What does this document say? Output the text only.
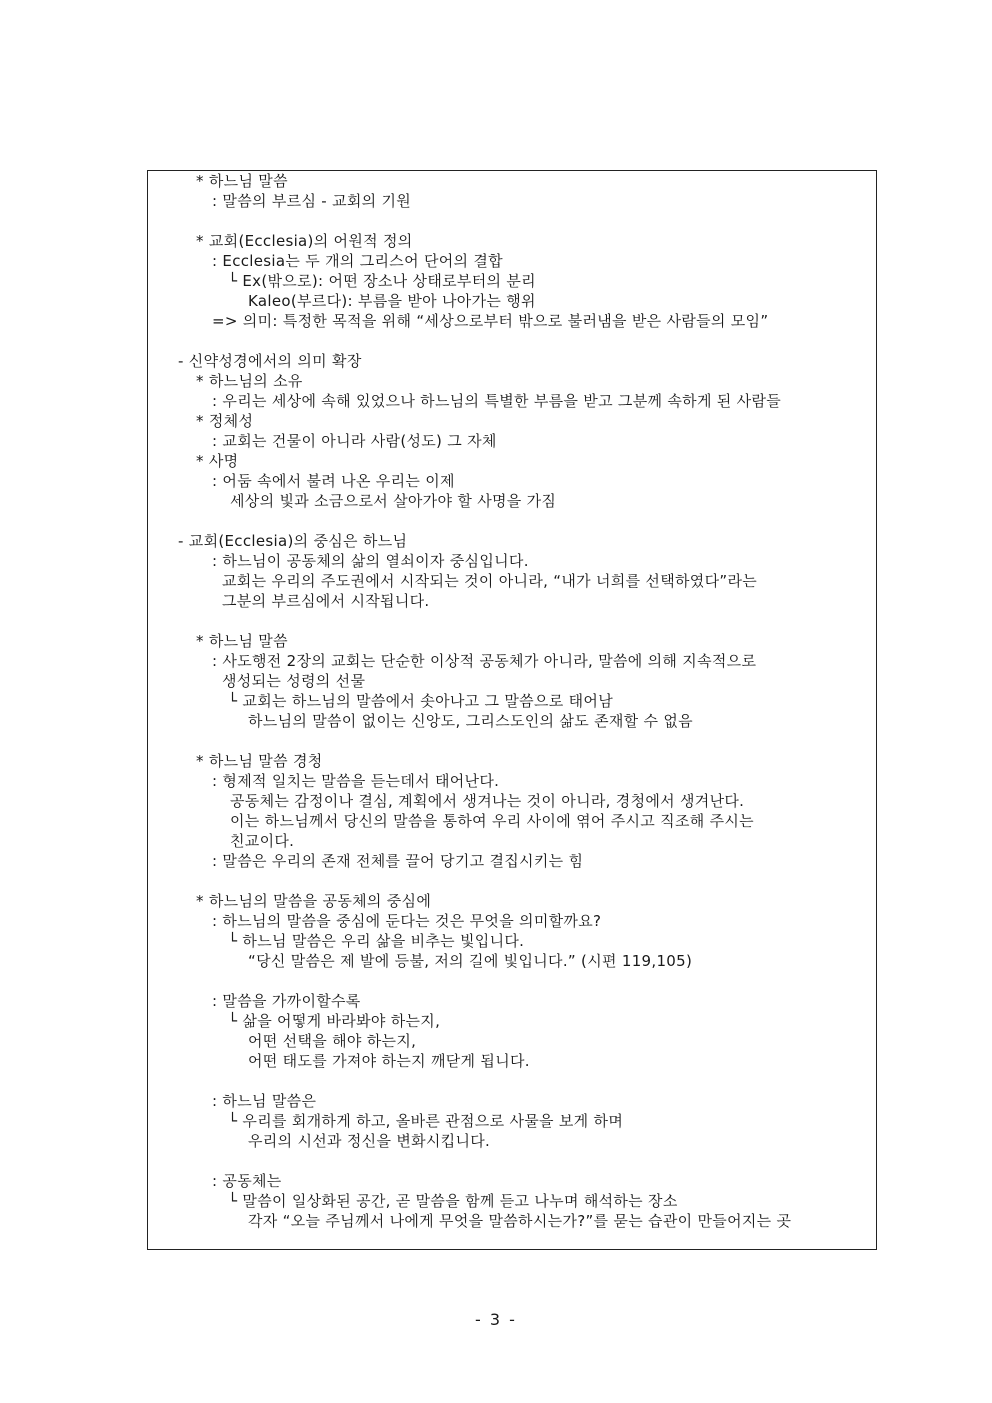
* 하느님 말씀
: 말씀의 부르심 - 교회의 기원
* 교회(Ecclesia)의 어원적 정의
: Ecclesia는 두 개의 그리스어 단어의 결합
└ Ex(밖으로): 어떤 장소나 상태로부터의 분리
Kaleo(부르다): 부름을 받아 나아가는 행위
=> 의미: 특정한 목적을 위해 “세상으로부터 밖으로 불러냄을 받은 사람들의 모임”
- 신약성경에서의 의미 확장
* 하느님의 소유
: 우리는 세상에 속해 있었으나 하느님의 특별한 부름을 받고 그분께 속하게 된 사람들
* 정체성
: 교회는 건물이 아니라 사람(성도) 그 자체
* 사명
: 어둠 속에서 불려 나온 우리는 이제
세상의 빛과 소금으로서 살아가야 할 사명을 가짐
- 교회(Ecclesia)의 중심은 하느님
: 하느님이 공동체의 삶의 열쇠이자 중심입니다.
교회는 우리의 주도권에서 시작되는 것이 아니라, “내가 너희를 선택하였다”라는
그분의 부르심에서 시작됩니다.
* 하느님 말씀
: 사도행전 2장의 교회는 단순한 이상적 공동체가 아니라, 말씀에 의해 지속적으로
생성되는 성령의 선물
└ 교회는 하느님의 말씀에서 솟아나고 그 말씀으로 태어남
하느님의 말씀이 없이는 신앙도, 그리스도인의 삶도 존재할 수 없음
* 하느님 말씀 경청
: 형제적 일치는 말씀을 듣는데서 태어난다.
공동체는 감정이나 결심, 계획에서 생겨나는 것이 아니라, 경청에서 생겨난다.
이는 하느님께서 당신의 말씀을 통하여 우리 사이에 엮어 주시고 직조해 주시는
친교이다.
: 말씀은 우리의 존재 전체를 끌어 당기고 결집시키는 힘
* 하느님의 말씀을 공동체의 중심에
: 하느님의 말씀을 중심에 둔다는 것은 무엇을 의미할까요?
└ 하느님 말씀은 우리 삶을 비추는 빛입니다.
“당신 말씀은 제 발에 등불, 저의 길에 빛입니다.” (시편 119,105)
: 말씀을 가까이할수록
└ 삶을 어떻게 바라봐야 하는지,
어떤 선택을 해야 하는지,
어떤 태도를 가져야 하는지 깨닫게 됩니다.
: 하느님 말씀은
└ 우리를 회개하게 하고, 올바른 관점으로 사물을 보게 하며
우리의 시선과 정신을 변화시킵니다.
: 공동체는
└ 말씀이 일상화된 공간, 곧 말씀을 함께 듣고 나누며 해석하는 장소
각자 “오늘 주님께서 나에게 무엇을 말씀하시는가?”를 묻는 습관이 만들어지는 곳
- 3 -
